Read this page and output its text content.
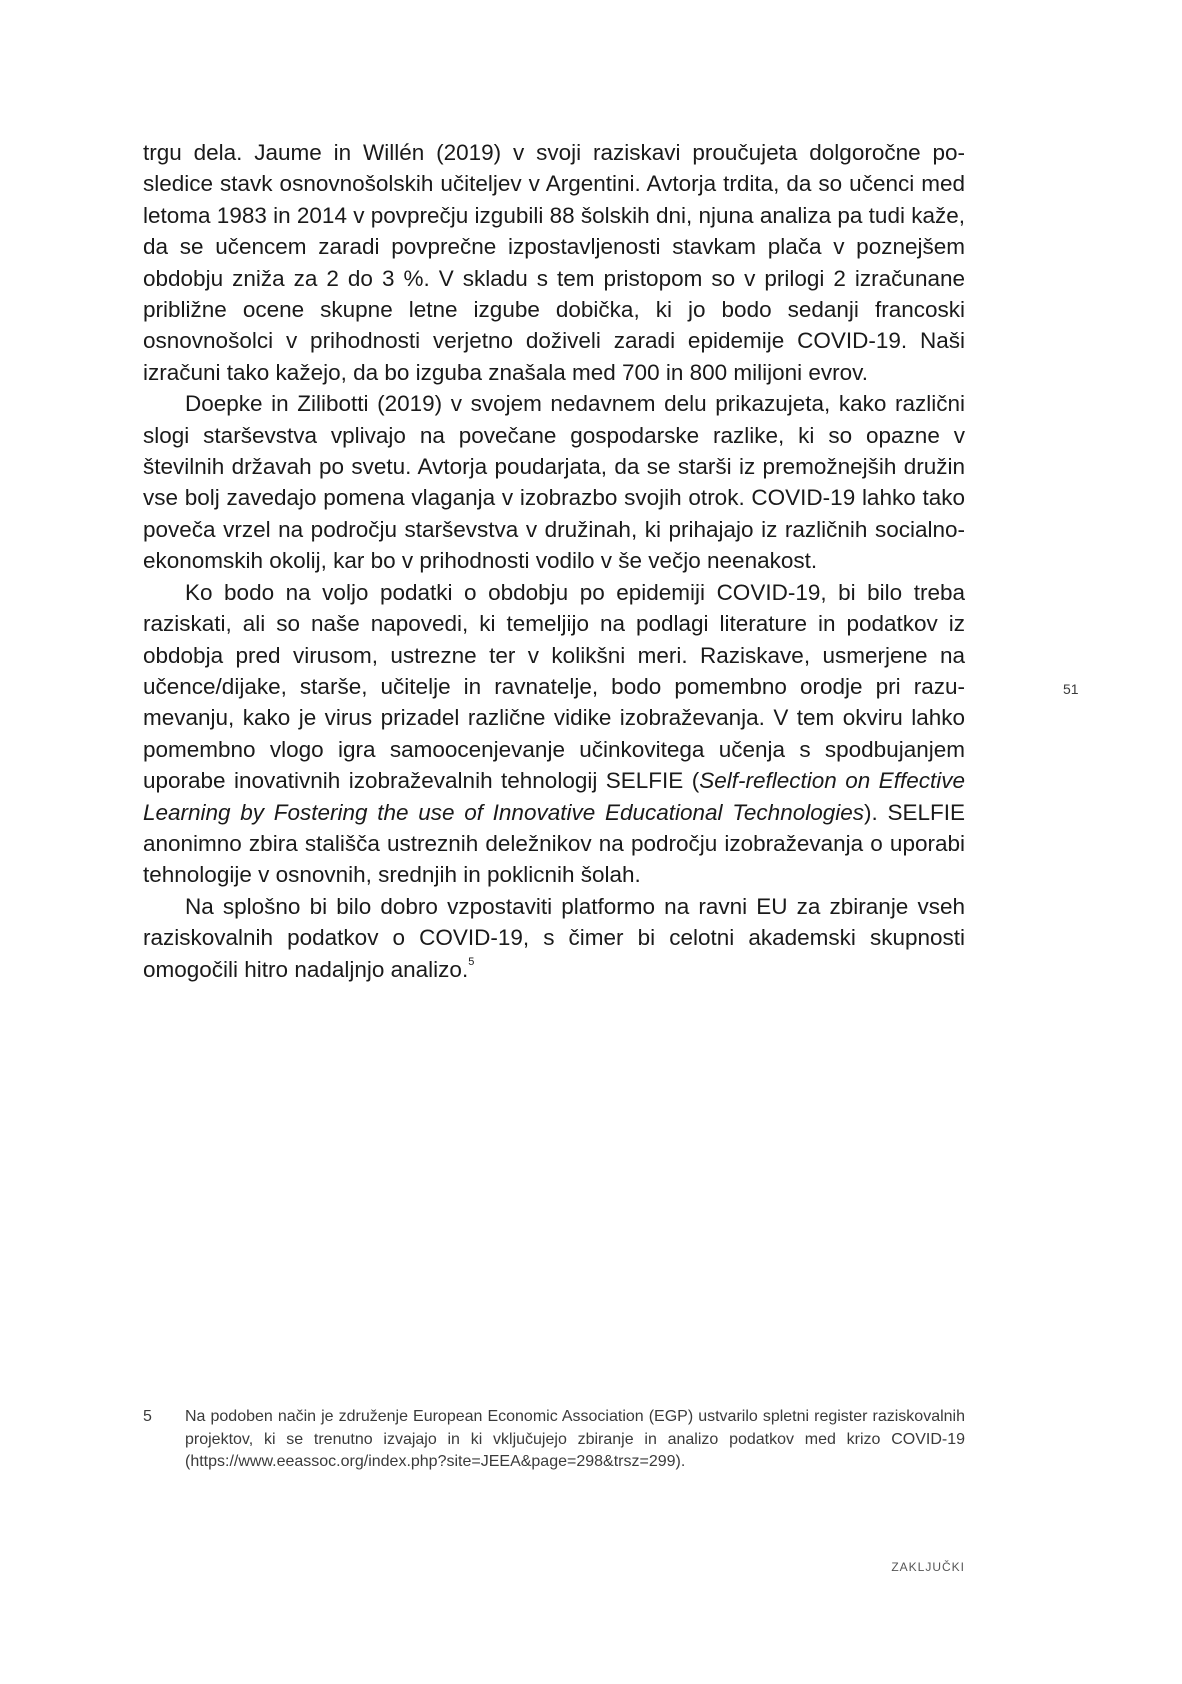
trgu dela. Jaume in Willén (2019) v svoji raziskavi proučujeta dolgoročne posledice stavk osnovnošolskih učiteljev v Argentini. Avtorja trdita, da so učenci med letoma 1983 in 2014 v povprečju izgubili 88 šolskih dni, njuna analiza pa tudi kaže, da se učencem zaradi povprečne izpostavljenosti stavkam plača v poznejšem obdobju zniža za 2 do 3 %. V skladu s tem pristopom so v prilogi 2 izračunane približne ocene skupne letne izgube dobička, ki jo bodo sedanji francoski osnovnošolci v prihodnosti verjetno doživeli zaradi epidemije COVID-19. Naši izračuni tako kažejo, da bo izguba znašala med 700 in 800 milijoni evrov.

Doepke in Zilibotti (2019) v svojem nedavnem delu prikazujeta, kako različni slogi starševstva vplivajo na povečane gospodarske razlike, ki so opazne v številnih državah po svetu. Avtorja poudarjata, da se starši iz premožnejših družin vse bolj zavedajo pomena vlaganja v izobrazbo svojih otrok. COVID-19 lahko tako poveča vrzel na področju starševstva v družinah, ki prihajajo iz različnih socialno-ekonomskih okolij, kar bo v prihodnosti vodilo v še večjo neenakost.

Ko bodo na voljo podatki o obdobju po epidemiji COVID-19, bi bilo treba raziskati, ali so naše napovedi, ki temeljijo na podlagi literature in podatkov iz obdobja pred virusom, ustrezne ter v kolikšni meri. Raziskave, usmerjene na učence/dijake, starše, učitelje in ravnatelje, bodo pomembno orodje pri razumevanju, kako je virus prizadel različne vidike izobraževanja. V tem okviru lahko pomembno vlogo igra samoocenjevanje učinkovitega učenja s spodbujanjem uporabe inovativnih izobraževalnih tehnologij SELFIE (Self-reflection on Effective Learning by Fostering the use of Innovative Educational Technologies). SELFIE anonimno zbira stališča ustreznih deležnikov na področju izobraževanja o uporabi tehnologije v osnovnih, srednjih in poklicnih šolah.

Na splošno bi bilo dobro vzpostaviti platformo na ravni EU za zbiranje vseh raziskovalnih podatkov o COVID-19, s čimer bi celotni akademski skupnosti omogočili hitro nadaljnjo analizo.$^5$

51
5 Na podoben način je združenje European Economic Association (EGP) ustvarilo spletni register raziskovalnih projektov, ki se trenutno izvajajo in ki vključujejo zbiranje in analizo podatkov med krizo COVID-19 (https://www.eeassoc.org/index.php?site=JEEA&page=298&trsz=299).
ZAKLJUČKI
